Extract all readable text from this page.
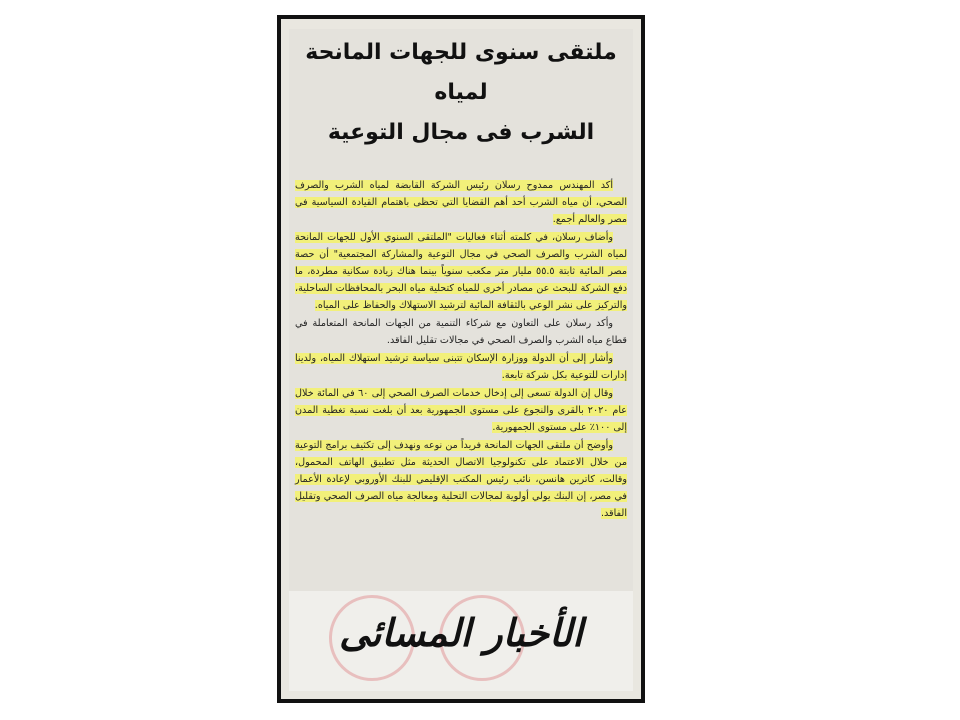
ملتقى سنوى للجهات المانحة لمياه
الشرب فى مجال التوعية

أكد المهندس ممدوح رسلان رئيس الشركة القابضة لمياه الشرب والصرف الصحي، أن مياه الشرب أحد أهم القضايا التي تحظى باهتمام القيادة السياسية في مصر والعالم أجمع.

وأضاف رسلان، في كلمته أثناء فعاليات "الملتقى السنوي الأول للجهات المانحة لمياه الشرب والصرف الصحي في مجال التوعية والمشاركة المجتمعية" أن حصة مصر المائية ثابتة ٥٥.٥ مليار متر مكعب سنوياً بينما هناك زيادة سكانية مطردة، ما دفع الشركة للبحث عن مصادر أخرى للمياه كتحلية مياه البحر بالمحافظات الساحلية، والتركيز على نشر الوعي بالثقافة المائية لترشيد الاستهلاك والحفاظ على المياه.

وأكد رسلان على التعاون مع شركاء التنمية من الجهات المانحة المتعاملة في قطاع مياه الشرب والصرف الصحي في مجالات تقليل الفاقد.

وأشار إلى أن الدولة ووزارة الإسكان تتبنى سياسة ترشيد استهلاك المياه، ولدينا إدارات للتوعية بكل شركة تابعة.

وقال إن الدولة تسعى إلى إدخال خدمات الصرف الصحي إلى ٦٠ في المائة خلال عام ٢٠٢٠ بالقرى والنجوع على مستوى الجمهورية بعد أن بلغت نسبة تغطية المدن إلى ١٠٠٪ على مستوى الجمهورية.

وأوضح أن ملتقى الجهات المانحة فريداً من نوعه ونهدف إلى تكثيف برامج التوعية من خلال الاعتماد على تكنولوجيا الاتصال الحديثة مثل تطبيق الهاتف المحمول، وقالت، كاترين هانسن، نائب رئيس المكتب الإقليمي للبنك الأوروبي لإعادة الأعمار في مصر، إن البنك يولي أولوية لمجالات التحلية ومعالجة مياه الصرف الصحي وتقليل الفاقد.

الأخبار المسائى
